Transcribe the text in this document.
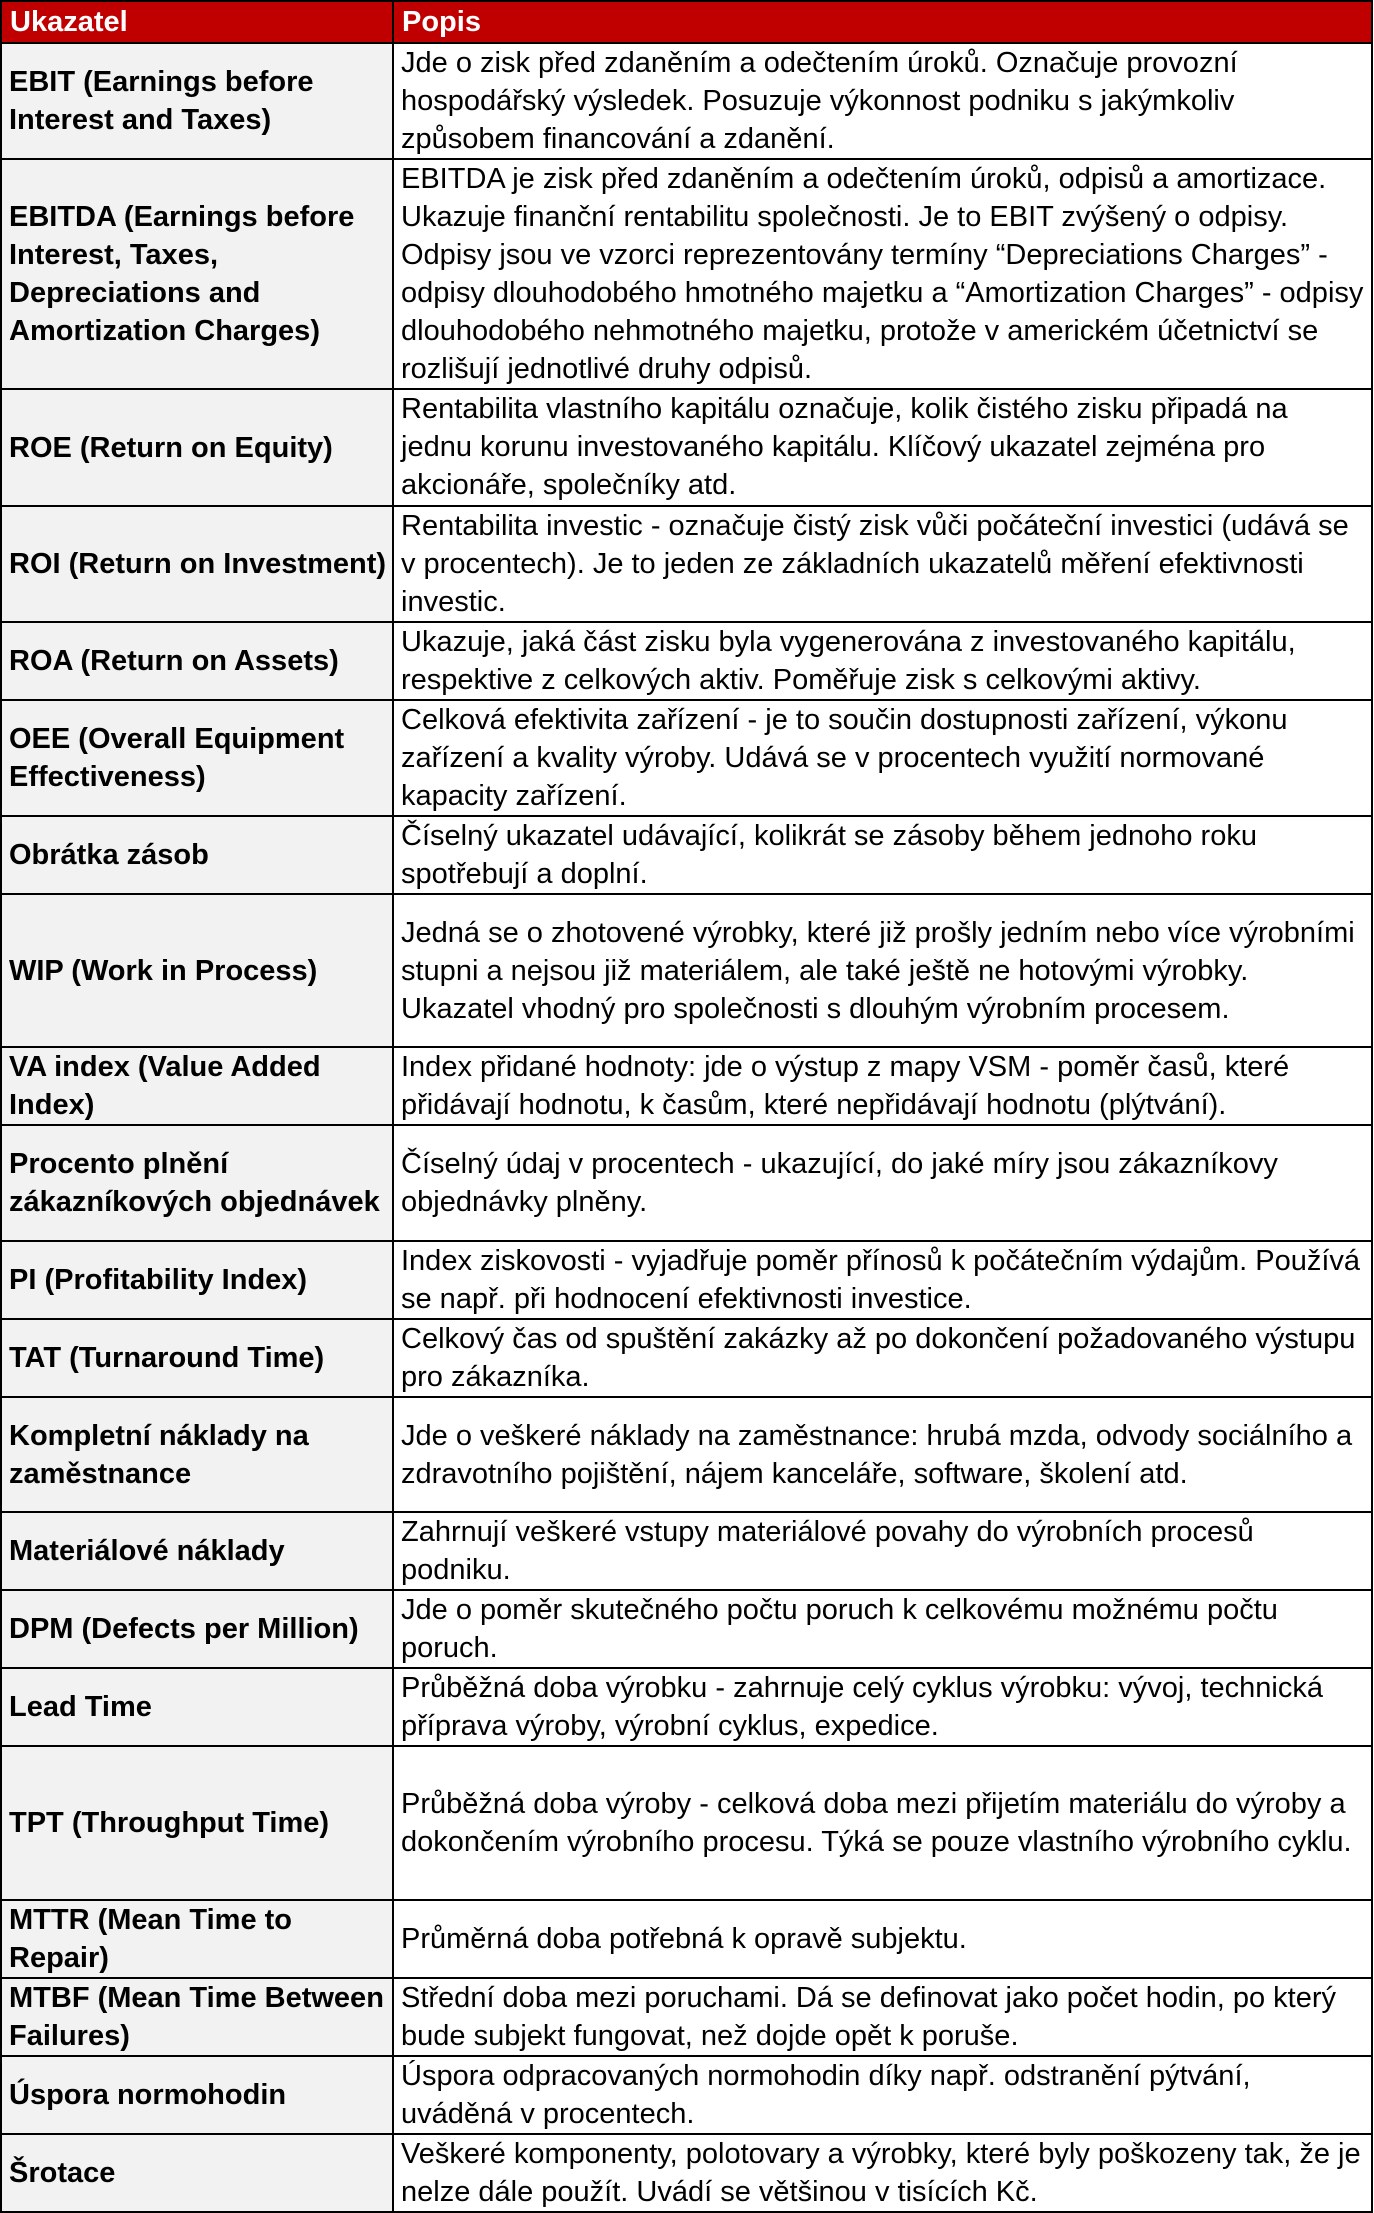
Ukazatel	Popis
EBIT (Earnings before Interest and Taxes)	Jde o zisk před zdaněním a odečtením úroků. Označuje provozní hospodářský výsledek. Posuzuje výkonnost podniku s jakýmkoliv způsobem financování a zdanění.
EBITDA (Earnings before Interest, Taxes, Depreciations and Amortization Charges)	EBITDA je zisk před zdaněním a odečtením úroků, odpisů a amortizace. Ukazuje finanční rentabilitu společnosti. Je to EBIT zvýšený o odpisy. Odpisy jsou ve vzorci reprezentovány termíny “Depreciations Charges” - odpisy dlouhodobého hmotného majetku a “Amortization Charges” - odpisy dlouhodobého nehmotného majetku, protože v americkém účetnictví se rozlišují jednotlivé druhy odpisů.
ROE (Return on Equity)	Rentabilita vlastního kapitálu označuje, kolik čistého zisku připadá na jednu korunu investovaného kapitálu. Klíčový ukazatel zejména pro akcionáře, společníky atd.
ROI (Return on Investment)	Rentabilita investic - označuje čistý zisk vůči počáteční investici (udává se v procentech). Je to jeden ze základních ukazatelů měření efektivnosti investic.
ROA (Return on Assets)	Ukazuje, jaká část zisku byla vygenerována z investovaného kapitálu, respektive z celkových aktiv. Poměřuje zisk s celkovými aktivy.
OEE (Overall Equipment Effectiveness)	Celková efektivita zařízení - je to součin dostupnosti zařízení, výkonu zařízení a kvality výroby. Udává se v procentech využití normované kapacity zařízení.
Obrátka zásob	Číselný ukazatel udávající, kolikrát se zásoby během jednoho roku spotřebují a doplní.
WIP (Work in Process)	Jedná se o zhotovené výrobky, které již prošly jedním nebo více výrobními stupni a nejsou již materiálem, ale také ještě ne hotovými výrobky. Ukazatel vhodný pro společnosti s dlouhým výrobním procesem.
VA index (Value Added Index)	Index přidané hodnoty: jde o výstup z mapy VSM - poměr časů, které přidávají hodnotu, k časům, které nepřidávají hodnotu (plýtvání).
Procento plnění zákazníkových objednávek	Číselný údaj v procentech - ukazující, do jaké míry jsou zákazníkovy objednávky plněny.
PI (Profitability Index)	Index ziskovosti - vyjadřuje poměr přínosů k počátečním výdajům. Používá se např. při hodnocení efektivnosti investice.
TAT (Turnaround Time)	Celkový čas od spuštění zakázky až po dokončení požadovaného výstupu pro zákazníka.
Kompletní náklady na zaměstnance	Jde o veškeré náklady na zaměstnance: hrubá mzda, odvody sociálního a zdravotního pojištění, nájem kanceláře, software, školení atd.
Materiálové náklady	Zahrnují veškeré vstupy materiálové povahy do výrobních procesů podniku.
DPM (Defects per Million)	Jde o poměr skutečného počtu poruch k celkovému možnému počtu poruch.
Lead Time	Průběžná doba výrobku - zahrnuje celý cyklus výrobku: vývoj, technická příprava výroby, výrobní cyklus, expedice.
TPT (Throughput Time)	Průběžná doba výroby - celková doba mezi přijetím materiálu do výroby a dokončením výrobního procesu. Týká se pouze vlastního výrobního cyklu.
MTTR (Mean Time to Repair)	Průměrná doba potřebná k opravě subjektu.
MTBF (Mean Time Between Failures)	Střední doba mezi poruchami. Dá se definovat jako počet hodin, po který bude subjekt fungovat, než dojde opět k poruše.
Úspora normohodin	Úspora odpracovaných normohodin díky např. odstranění pýtvání, uváděná v procentech.
Šrotace	Veškeré komponenty, polotovary a výrobky, které byly poškozeny tak, že je nelze dále použít. Uvádí se většinou v tisících Kč.
